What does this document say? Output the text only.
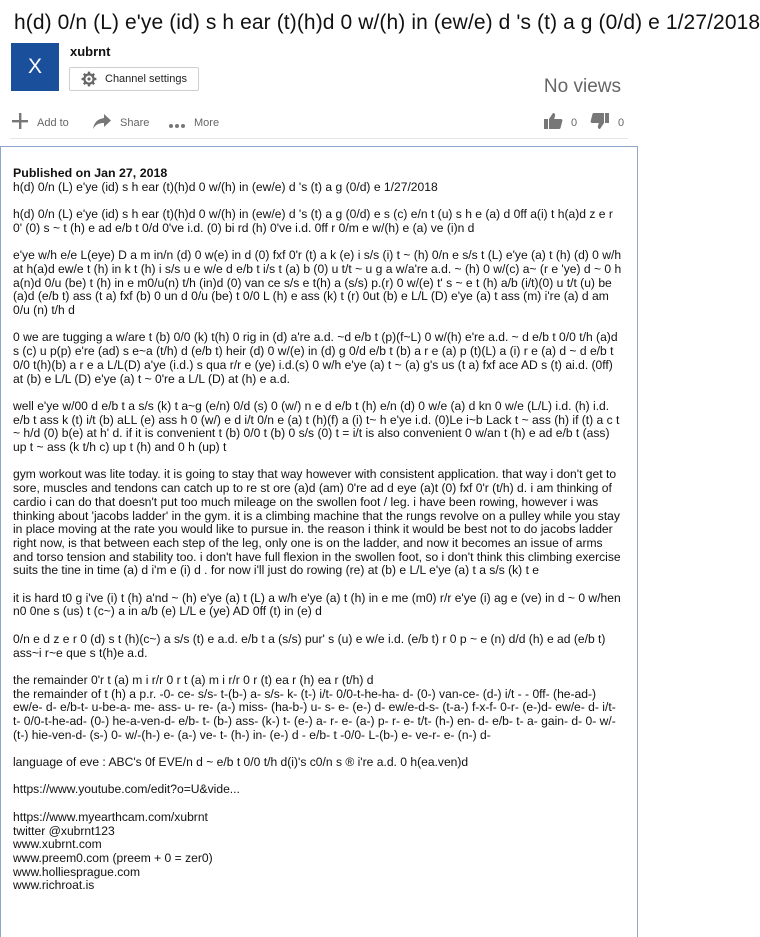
h(d) 0/n (L) e'ye (id) s h ear (t)(h)d 0 w/(h) in (ew/e) d 's (t) a g (0/d) e 1/27/2018
X
xubrnt
Channel settings	No views
Add to	Share	More	0	0
Published on Jan 27, 2018
h(d) 0/n (L) e'ye (id) s h ear (t)(h)d 0 w/(h) in (ew/e) d 's (t) a g (0/d) e 1/27/2018
h(d) 0/n (L) e'ye (id) s h ear (t)(h)d 0 w/(h) in (ew/e) d 's (t) a g (0/d) e s (c) e/n t (u) s h e (a) d 0ff a(i) t h(a)d z e r 0' (0) s ~ t (h) e ad e/b t 0/d 0've i.d. (0) bi rd (h) 0've i.d. 0ff r 0/m e w/(h) e (a) ve (i)n d
e'ye w/h e/e L(eye) D a m in/n (d) 0 w(e) in d (0) fxf 0'r (t) a k (e) i s/s (i) t ~ (h) 0/n e s/s t (L) e'ye (a) t (h) (d) 0 w/h at h(a)d ew/e t (h) in k t (h) i s/s u e w/e d e/b t i/s t (a) b (0) u t/t ~ u g a w/a're a.d. ~ (h) 0 w/(c) a~ (r e 'ye) d ~ 0 h a(n)d 0/u (be) t (h) in e m0/u(n) t/h (in)d (0) van ce s/s e t(h) a (s/s) p.(r) 0 w/(e) t' s ~ e t (h) a/b (i/t)(0) u t/t (u) be (a)d (e/b t) ass (t a) fxf (b) 0 un d 0/u (be) t 0/0 L (h) e ass (k) t (r) 0ut (b) e L/L (D) e'ye (a) t ass (m) i're (a) d am 0/u (n) t/h d
0 we are tugging a w/are t (b) 0/0 (k) t(h) 0 rig in (d) a're a.d. ~d e/b t (p)(f~L) 0 w/(h) e're a.d. ~ d e/b t 0/0 t/h (a)d s (c) u p(p) e're (ad) s e~a (t/h) d (e/b t) heir (d) 0 w/(e) in (d) g 0/d e/b t (b) a r e (a) p (t)(L) a (i) r e (a) d ~ d e/b t 0/0 t(h)(b) a r e a L/L(D) a'ye (i.d.) s qua r/r e (ye) i.d.(s) 0 w/h e'ye (a) t ~ (a) g's us (t a) fxf ace AD s (t) ai.d. (0ff) at (b) e L/L (D) e'ye (a) t ~ 0're a L/L (D) at (h) e a.d.
well e'ye w/00 d e/b t a s/s (k) t a~g (e/n) 0/d (s) 0 (w/) n e d e/b t (h) e/n (d) 0 w/e (a) d kn 0 w/e (L/L) i.d. (h) i.d. e/b t ass k (t) i/t (b) aLL (e) ass h 0 (w/) e d i/t 0/n e (a) t (h)(f) a (i) t~ h e'ye i.d. (0)Le i~b Lack t ~ ass (h) if (t) a c t ~ h/d (0) b(e) at h' d. if it is convenient t (b) 0/0 t (b) 0 s/s (0) t = i/t is also convenient 0 w/an t (h) e ad e/b t (ass) up t ~ ass (k t/h c) up t (h) and 0 h (up) t
gym workout was lite today. it is going to stay that way however with consistent application. that way i don't get to sore, muscles and tendons can catch up to re st ore (a)d (am) 0're ad d eye (a)t (0) fxf 0'r (t/h) d. i am thinking of cardio i can do that doesn't put too much mileage on the swollen foot / leg. i have been rowing, however i was thinking about 'jacobs ladder' in the gym. it is a climbing machine that the rungs revolve on a pulley while you stay in place moving at the rate you would like to pursue in. the reason i think it would be best not to do jacobs ladder right now, is that between each step of the leg, only one is on the ladder, and now it becomes an issue of arms and torso tension and stability too. i don't have full flexion in the swollen foot, so i don't think this climbing exercise suits the tine in time (a) d i'm e (i) d . for now i'll just do rowing (re) at (b) e L/L e'ye (a) t a s/s (k) t e
it is hard t0 g i've (i) t (h) a'nd ~ (h) e'ye (a) t (L) a w/h e'ye (a) t (h) in e me (m0) r/r e'ye (i) ag e (ve) in d ~ 0 w/hen n0 0ne s (us) t (c~) a in a/b (e) L/L e (ye) AD 0ff (t) in (e) d
0/n e d z e r 0 (d) s t (h)(c~) a s/s (t) e a.d. e/b t a (s/s) pur' s (u) e w/e i.d. (e/b t) r 0 p ~ e (n) d/d (h) e ad (e/b t) ass~i r~e que s t(h)e a.d.
the remainder 0'r t (a) m i r/r 0 r t (a) m i r/r 0 r (t) ea r (h) ea r (t/h) d
the remainder of t (h) a p.r. -0- ce- s/s- t-(b-) a- s/s- k- (t-) i/t- 0/0-t-he-ha- d- (0-) van-ce- (d-) i/t - - 0ff- (he-ad-) ew/e- d- e/b-t- u-be-a- me- ass- u- re- (a-) miss- (ha-b-) u- s- e- (e-) d- ew/e-d-s- (t-a-) f-x-f- 0-r- (e-)d- ew/e- d- i/t- t- 0/0-t-he-ad- (0-) he-a-ven-d- e/b- t- (b-) ass- (k-) t- (e-) a- r- e- (a-) p- r- e- t/t- (h-) en- d- e/b- t- a- gain- d- 0- w/-(t-) hie-ven-d- (s-) 0- w/-(h-) e- (a-) ve- t- (h-) in- (e-) d - e/b- t -0/0- L-(b-) e- ve-r- e- (n-) d-
language of eve : ABC's 0f EVE/n d ~ e/b t 0/0 t/h d(i)'s c0/n s ® i're a.d. 0 h(ea.ven)d
https://www.youtube.com/edit?o=U&vide...
https://www.myearthcam.com/xubrnt
twitter @xubrnt123
www.xubrnt.com
www.preem0.com (preem + 0 = zer0)
www.holliesprague.com
www.richroat.is
